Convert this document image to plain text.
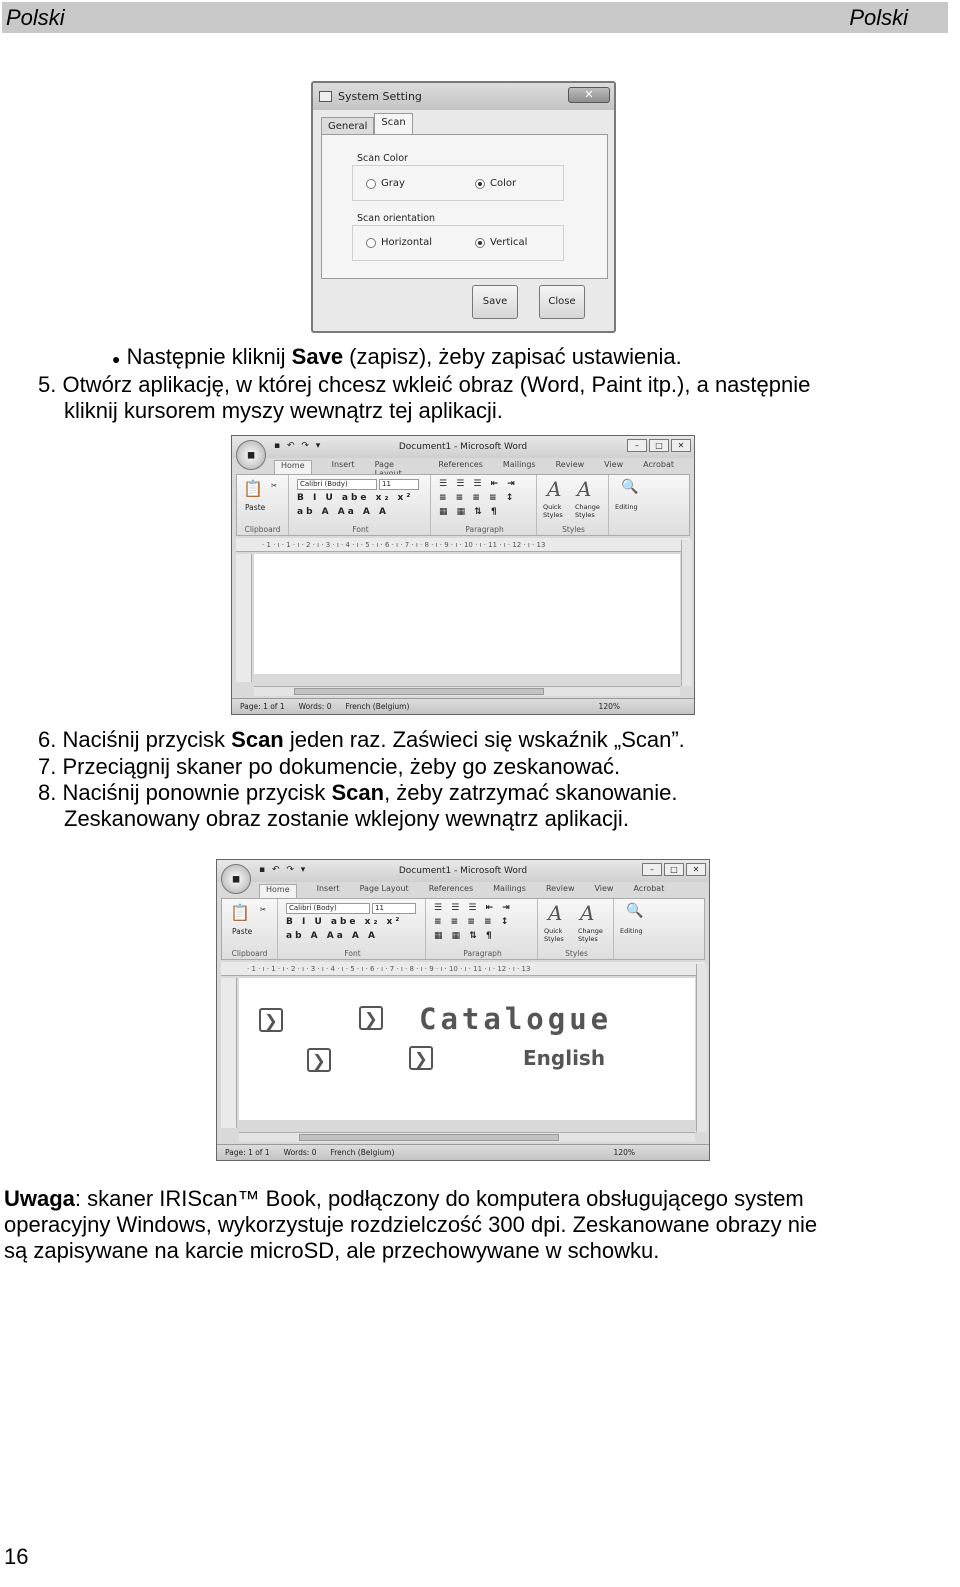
Polski	Polski
System Setting	✕
General	Scan
Scan Color
Gray	Color
Scan orientation
Horizontal	Vertical
Save	Close
● Następnie kliknij Save (zapisz), żeby zapisać ustawienia.
5. Otwórz aplikację, w której chcesz wkleić obraz (Word, Paint itp.), a następnie
kliknij kursorem myszy wewnątrz tej aplikacji.
▪ ↶ ↷ ▾	Document1 - Microsoft Word	–	□	✕
◼
Home	Insert	Page	References	Mailings	Review	View	Acrobat
📋
Paste
✂
Clipboard
Calibri (Body)	11
B I U abe x₂ x²
ab A Aa A A
Font
☰ ☰ ☰ ⇤ ⇥
≡ ≡ ≡ ≡ ↕
▦ ▦ ⇅ ¶
Paragraph
A A
Quick Styles
Change Styles
Styles
🔍
Editing
· 1 · ı · 1 · ı · 2 · ı · 3 · ı · 4 · ı · 5 · ı · 6 · ı · 7 · ı · 8 · ı · 9 · ı · 10 · ı · 11 · ı · 12 · ı · 13
Page: 1 of 1 Words: 0 French (Belgium)	120%
6. Naciśnij przycisk Scan jeden raz. Zaświeci się wskaźnik „Scan”.
7. Przeciągnij skaner po dokumencie, żeby go zeskanować.
8. Naciśnij ponownie przycisk Scan, żeby zatrzymać skanowanie.
Zeskanowany obraz zostanie wklejony wewnątrz aplikacji.
▪ ↶ ↷ ▾	Document1 - Microsoft Word	–	□	✕
◼
Home	Insert	Page Layout	References	Mailings	Review	View	Acrobat
📋
Paste
✂
Clipboard
Calibri (Body)	11
B I U abe x₂ x²
ab A Aa A A
Font
☰ ☰ ☰ ⇤ ⇥
≡ ≡ ≡ ≡ ↕
▦ ▦ ⇅ ¶
Paragraph
A A
Quick Styles
Change Styles
Styles
🔍
Editing
· 1 · ı · 1 · ı · 2 · ı · 3 · ı · 4 · ı · 5 · ı · 6 · ı · 7 · ı · 8 · ı · 9 · ı · 10 · ı · 11 · ı · 12 · ı · 13
❯	❯
❯	❯
Catalogue
English
Page: 1 of 1 Words: 0 French (Belgium)	120%
Uwaga: skaner IRIScan™ Book, podłączony do komputera obsługującego system
operacyjny Windows, wykorzystuje rozdzielczość 300 dpi. Zeskanowane obrazy nie
są zapisywane na karcie microSD, ale przechowywane w schowku.
16
